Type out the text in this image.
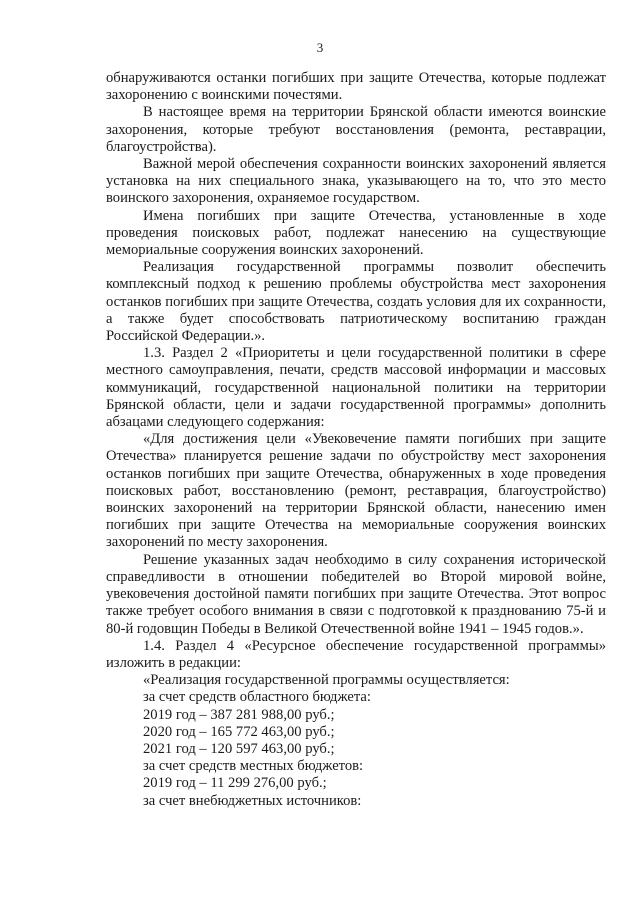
3

обнаруживаются останки погибших при защите Отечества, которые подлежат захоронению с воинскими почестями.

В настоящее время на территории Брянской области имеются воинские захоронения, которые требуют восстановления (ремонта, реставрации, благоустройства).

Важной мерой обеспечения сохранности воинских захоронений является установка на них специального знака, указывающего на то, что это место воинского захоронения, охраняемое государством.

Имена погибших при защите Отечества, установленные в ходе проведения поисковых работ, подлежат нанесению на существующие мемориальные сооружения воинских захоронений.

Реализация государственной программы позволит обеспечить комплексный подход к решению проблемы обустройства мест захоронения останков погибших при защите Отечества, создать условия для их сохранности, а также будет способствовать патриотическому воспитанию граждан Российской Федерации.».

1.3. Раздел 2 «Приоритеты и цели государственной политики в сфере местного самоуправления, печати, средств массовой информации и массовых коммуникаций, государственной национальной политики на территории Брянской области, цели и задачи государственной программы» дополнить абзацами следующего содержания:

«Для достижения цели «Увековечение памяти погибших при защите Отечества» планируется решение задачи по обустройству мест захоронения останков погибших при защите Отечества, обнаруженных в ходе проведения поисковых работ, восстановлению (ремонт, реставрация, благоустройство) воинских захоронений на территории Брянской области, нанесению имен погибших при защите Отечества на мемориальные сооружения воинских захоронений по месту захоронения.

Решение указанных задач необходимо в силу сохранения исторической справедливости в отношении победителей во Второй мировой войне, увековечения достойной памяти погибших при защите Отечества. Этот вопрос также требует особого внимания в связи с подготовкой к празднованию 75-й и 80-й годовщин Победы в Великой Отечественной войне 1941 – 1945 годов.».

1.4. Раздел 4 «Ресурсное обеспечение государственной программы» изложить в редакции:

«Реализация государственной программы осуществляется:

за счет средств областного бюджета:

2019 год – 387 281 988,00 руб.;

2020 год – 165 772 463,00 руб.;

2021 год – 120 597 463,00 руб.;

за счет средств местных бюджетов:

2019 год – 11 299 276,00 руб.;

за счет внебюджетных источников:
